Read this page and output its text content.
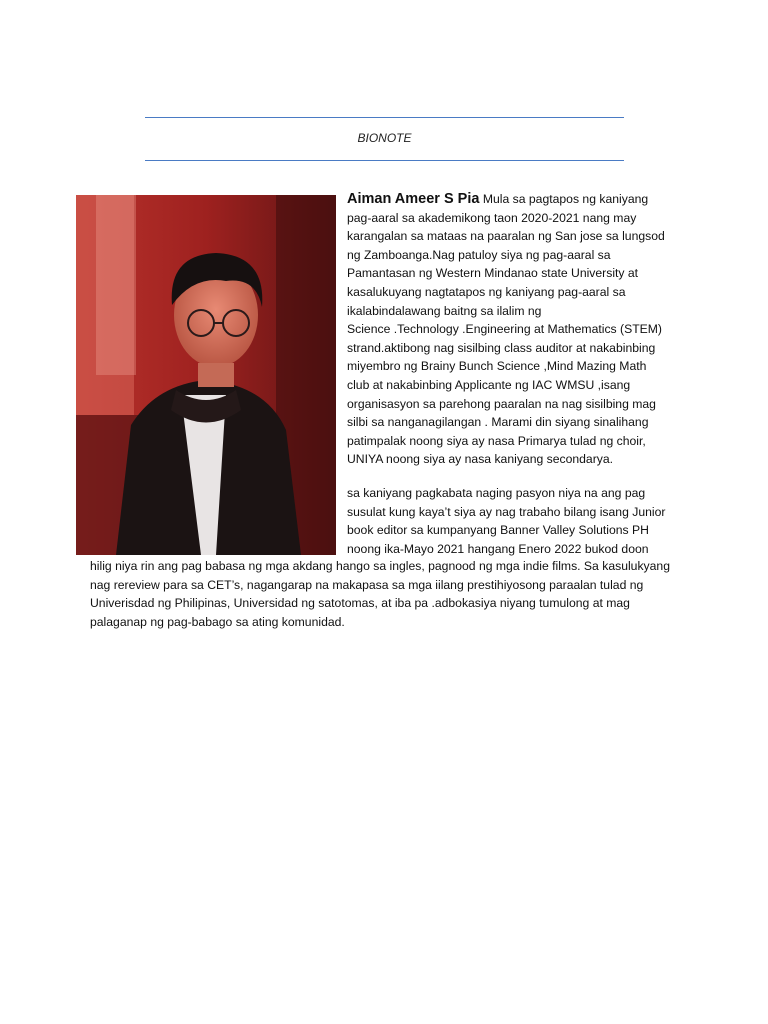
BIONOTE

Aiman Ameer S Pia Mula sa pagtapos ng kaniyang

pag-aaral sa akademikong taon 2020-2021 nang may

karangalan sa mataas na paaralan ng San jose sa lungsod

ng Zamboanga.Nag patuloy siya ng pag-aaral sa

Pamantasan ng Western Mindanao state University at

kasalukuyang nagtatapos ng kaniyang pag-aaral sa

ikalabindalawang baitng sa ilalim ng

Science .Technology .Engineering at Mathematics (STEM)

strand.aktibong nag sisilbing class auditor at nakabinbing

miyembro ng Brainy Bunch Science ,Mind Mazing Math

club at nakabinbing Applicante ng IAC WMSU ,isang

organisasyon sa parehong paaralan na nag sisilbing mag

silbi sa nanganagilangan . Marami din siyang sinalihang

patimpalak noong siya ay nasa Primarya tulad ng choir,

UNIYA noong siya ay nasa kaniyang secondarya.

sa kaniyang pagkabata naging pasyon niya na ang pag
susulat kung kaya’t siya ay nag trabaho bilang isang Junior
book editor sa kumpanyang Banner Valley Solutions PH
noong ika-Mayo 2021 hangang Enero 2022 bukod doon
hilig niya rin ang pag babasa ng mga akdang hango sa ingles, pagnood ng mga indie films. Sa kasulukyang
nag rereview para sa CET’s, nagangarap na makapasa sa mga iilang prestihiyosong paraalan tulad ng
Univerisdad ng Philipinas, Universidad ng satotomas, at iba pa .adbokasiya niyang tumulong at mag
palaganap ng pag-babago sa ating komunidad.
